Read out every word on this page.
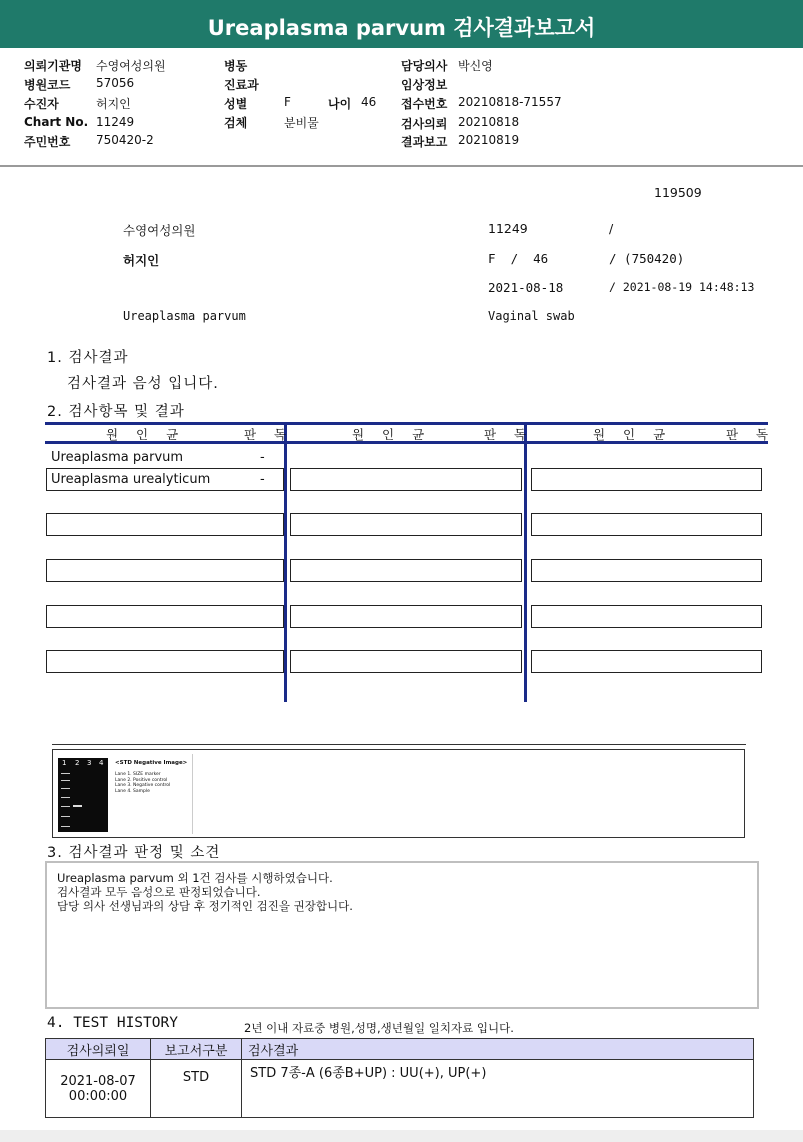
Ureaplasma parvum 검사결과보고서
의뢰기관명 수영여성의원
병원코드 57056
수진자	허지인
Chart No. 11249
주민번호 750420-2
병동
진료과
성별	F	나이 46
검체	분비물
담당의사 박신영
임상정보
접수번호 20210818-71557
검사의뢰 20210818
결과보고 20210819
119509
수영여성의원	11249	/
허지인	F  /  46	/ (750420)
2021-08-18	/ 2021-08-19 14:48:13
Ureaplasma parvum	Vaginal swab
1. 검사결과
검사결과 음성 입니다.
2. 검사항목 및 결과
원 인 균	판 독	원 인 균	판 독	원 인 균	판 독
Ureaplasma parvum	-
Ureaplasma urealyticum	-
1 2 3 4 <STD Negative Image>
Lane 1. SIZE marker
Lane 2. Positive control
Lane 3. Negative control
Lane 4. Sample
3. 검사결과 판정 및 소견
Ureaplasma parvum 외 1건 검사를 시행하였습니다.
검사결과 모두 음성으로 판정되었습니다.
담당 의사 선생님과의 상담 후 정기적인 검진을 권장합니다.
4. TEST HISTORY	2년 이내 자료중 병원,성명,생년월일 일치자료 입니다.
검사의뢰일	보고서구분	검사결과

2021-08-07
00:00:00	STD	STD 7종-A (6종B+UP) : UU(+), UP(+)
